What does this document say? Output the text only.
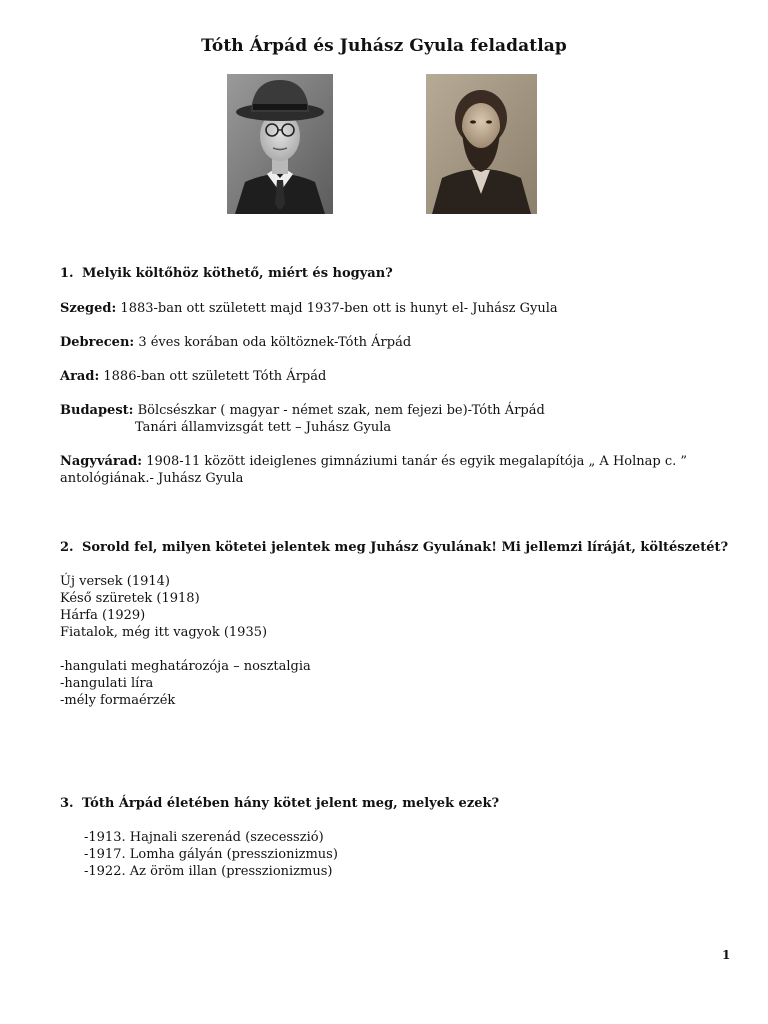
Tóth Árpád és Juhász Gyula feladatlap
1. Melyik költőhöz köthető, miért és hogyan?
Szeged: 1883-ban ott született majd 1937-ben ott is hunyt el- Juhász Gyula
Debrecen: 3 éves korában oda költöznek-Tóth Árpád
Arad: 1886-ban ott született Tóth Árpád
Budapest: Bölcsészkar ( magyar - német szak, nem fejezi be)-Tóth Árpád
Tanári államvizsgát tett – Juhász Gyula
Nagyvárad: 1908-11 között ideiglenes gimnáziumi tanár és egyik megalapítója „ A Holnap c. ”
antológiának.- Juhász Gyula
2. Sorold fel, milyen kötetei jelentek meg Juhász Gyulának! Mi jellemzi líráját, költészetét?
Új versek (1914)
Késő szüretek (1918)
Hárfa (1929)
Fiatalok, még itt vagyok (1935)
-hangulati meghatározója – nosztalgia
-hangulati líra
-mély formaérzék
3. Tóth Árpád életében hány kötet jelent meg, melyek ezek?
-1913. Hajnali szerenád (szecesszió)
-1917. Lomha gályán (presszionizmus)
-1922. Az öröm illan (presszionizmus)
1
